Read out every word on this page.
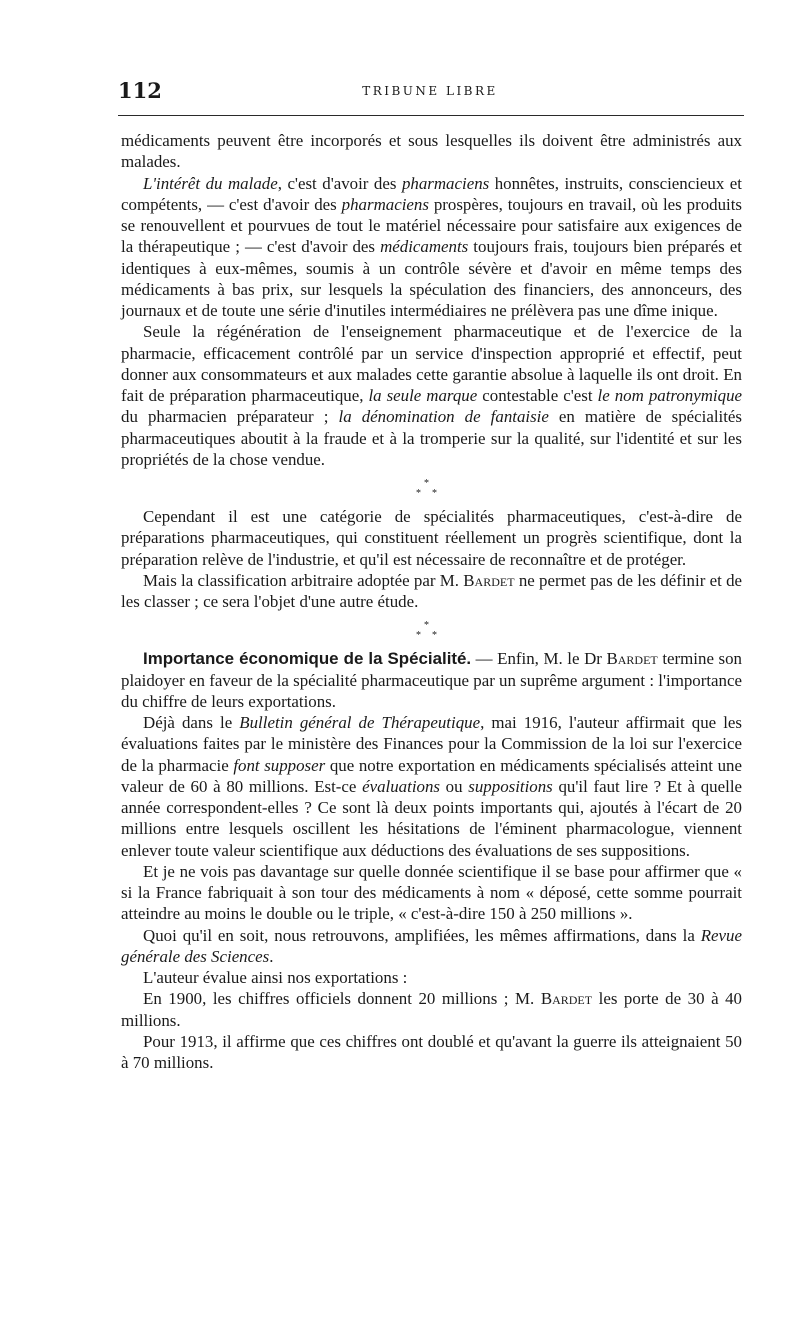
112	TRIBUNE LIBRE

médicaments peuvent être incorporés et sous lesquelles ils doivent être administrés aux malades.

L'intérêt du malade, c'est d'avoir des pharmaciens honnêtes, instruits, consciencieux et compétents, — c'est d'avoir des pharmaciens prospères, toujours en travail, où les produits se renouvellent et pourvues de tout le matériel nécessaire pour satisfaire aux exigences de la thérapeutique ; — c'est d'avoir des médicaments toujours frais, toujours bien préparés et identiques à eux-mêmes, soumis à un contrôle sévère et d'avoir en même temps des médicaments à bas prix, sur lesquels la spéculation des financiers, des annonceurs, des journaux et de toute une série d'inutiles intermédiaires ne prélèvera pas une dîme inique.

Seule la régénération de l'enseignement pharmaceutique et de l'exercice de la pharmacie, efficacement contrôlé par un service d'inspection approprié et effectif, peut donner aux consommateurs et aux malades cette garantie absolue à laquelle ils ont droit. En fait de préparation pharmaceutique, la seule marque contestable c'est le nom patronymique du pharmacien préparateur ; la dénomination de fantaisie en matière de spécialités pharmaceutiques aboutit à la fraude et à la tromperie sur la qualité, sur l'identité et sur les propriétés de la chose vendue.

*
* *

Cependant il est une catégorie de spécialités pharmaceutiques, c'est-à-dire de préparations pharmaceutiques, qui constituent réellement un progrès scientifique, dont la préparation relève de l'industrie, et qu'il est nécessaire de reconnaître et de protéger.

Mais la classification arbitraire adoptée par M. Bardet ne permet pas de les définir et de les classer ; ce sera l'objet d'une autre étude.

*
* *

Importance économique de la Spécialité. — Enfin, M. le Dr Bardet termine son plaidoyer en faveur de la spécialité pharmaceutique par un suprême argument : l'importance du chiffre de leurs exportations.

Déjà dans le Bulletin général de Thérapeutique, mai 1916, l'auteur affirmait que les évaluations faites par le ministère des Finances pour la Commission de la loi sur l'exercice de la pharmacie font supposer que notre exportation en médicaments spécialisés atteint une valeur de 60 à 80 millions. Est-ce évaluations ou suppositions qu'il faut lire ? Et à quelle année correspondent-elles ? Ce sont là deux points importants qui, ajoutés à l'écart de 20 millions entre lesquels oscillent les hésitations de l'éminent pharmacologue, viennent enlever toute valeur scientifique aux déductions des évaluations de ses suppositions.

Et je ne vois pas davantage sur quelle donnée scientifique il se base pour affirmer que « si la France fabriquait à son tour des médicaments à nom « déposé, cette somme pourrait atteindre au moins le double ou le triple, « c'est-à-dire 150 à 250 millions ».

Quoi qu'il en soit, nous retrouvons, amplifiées, les mêmes affirmations, dans la Revue générale des Sciences.

L'auteur évalue ainsi nos exportations :

En 1900, les chiffres officiels donnent 20 millions ; M. Bardet les porte de 30 à 40 millions.

Pour 1913, il affirme que ces chiffres ont doublé et qu'avant la guerre ils atteignaient 50 à 70 millions.
